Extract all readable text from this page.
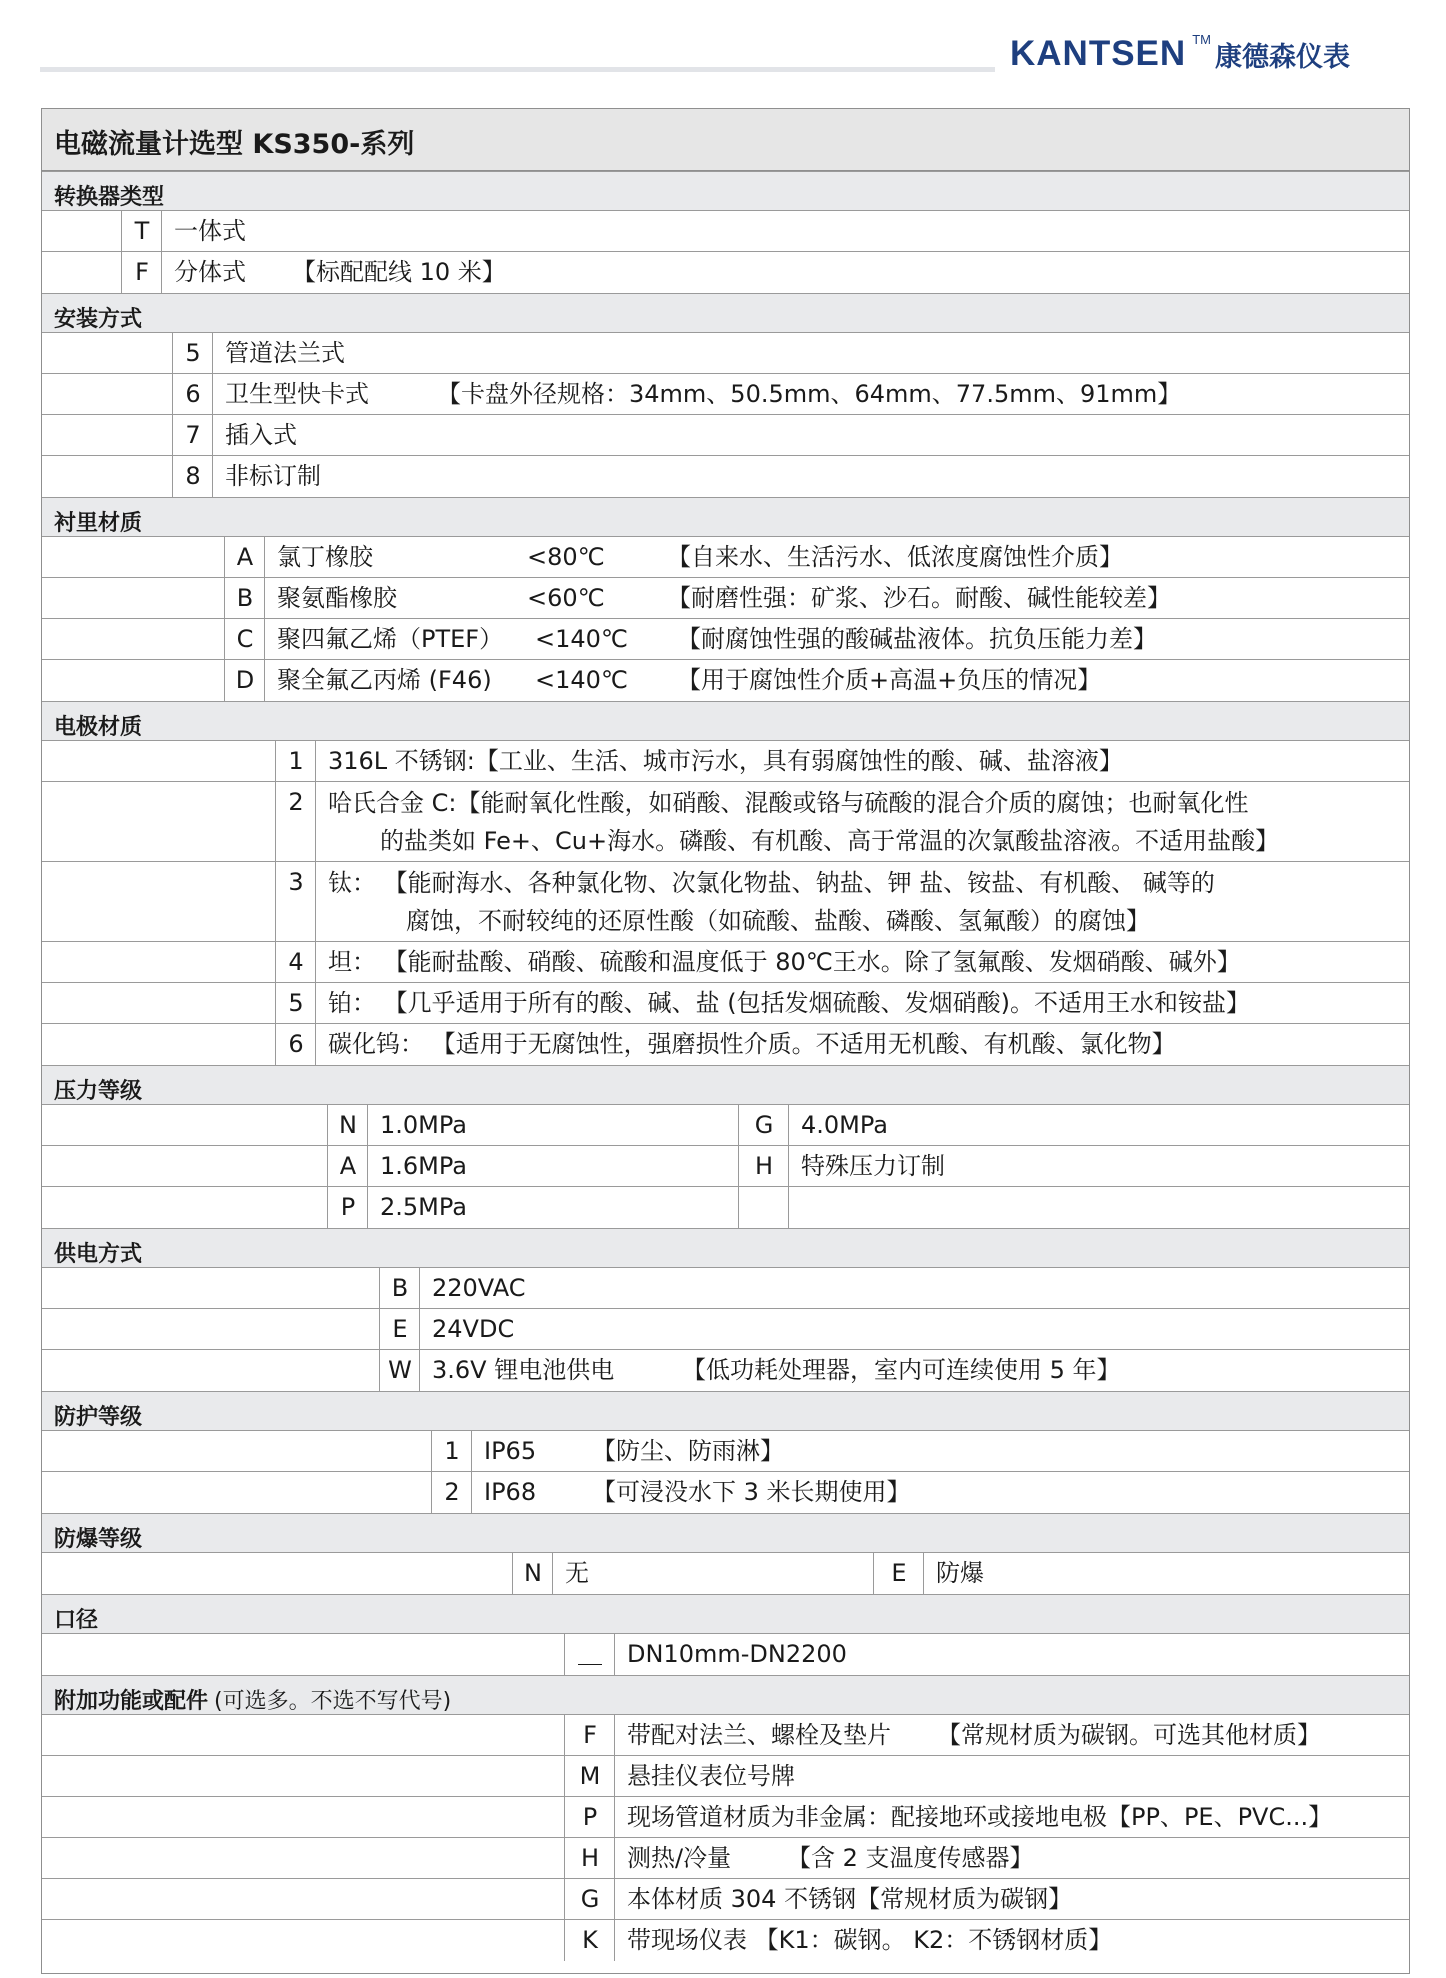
KANTSEN ™康德森仪表
电磁流量计选型 KS350-系列
转换器类型
T	一体式
F	分体式 【标配配线 10 米】
安装方式
5	管道法兰式
6	卫生型快卡式	【卡盘外径规格：34mm、50.5mm、64mm、77.5mm、91mm】
7	插入式
8	非标订制
衬里材质
A 氯丁橡胶	<80℃	【自来水、生活污水、低浓度腐蚀性介质】
B 聚氨酯橡胶	<60℃	【耐磨性强：矿浆、沙石。耐酸、碱性能较差】
C 聚四氟乙烯（PTEF） <140℃ 【耐腐蚀性强的酸碱盐液体。抗负压能力差】
D 聚全氟乙丙烯 (F46) <140℃ 【用于腐蚀性介质+高温+负压的情况】
电极材质
1	316L 不锈钢:【工业、生活、城市污水，具有弱腐蚀性的酸、碱、盐溶液】
2	哈氏合金 C:【能耐氧化性酸，如硝酸、混酸或铬与硫酸的混合介质的腐蚀；也耐氧化性
的盐类如 Fe+、Cu+海水。磷酸、有机酸、高于常温的次氯酸盐溶液。不适用盐酸】
3	钛： 【能耐海水、各种氯化物、次氯化物盐、钠盐、钾 盐、铵盐、有机酸、 碱等的
腐蚀，不耐较纯的还原性酸（如硫酸、盐酸、磷酸、氢氟酸）的腐蚀】
4	坦： 【能耐盐酸、硝酸、硫酸和温度低于 80℃王水。除了氢氟酸、发烟硝酸、碱外】
5	铂： 【几乎适用于所有的酸、碱、盐 (包括发烟硫酸、发烟硝酸)。不适用王水和铵盐】
6	碳化钨： 【适用于无腐蚀性，强磨损性介质。不适用无机酸、有机酸、氯化物】
压力等级
N 1.0MPa	G	4.0MPa
A 1.6MPa	H	特殊压力订制
P	2.5MPa
供电方式
B 220VAC
E	24VDC
W 3.6V 锂电池供电	【低功耗处理器，室内可连续使用 5 年】
防护等级
1	IP65 【防尘、防雨淋】
2	IP68 【可浸没水下 3 米长期使用】
防爆等级
N 无	E	防爆
口径
＿	DN10mm-DN2200
附加功能或配件 (可选多。不选不写代号)
F	带配对法兰、螺栓及垫片 【常规材质为碳钢。可选其他材质】
M	悬挂仪表位号牌
P	现场管道材质为非金属：配接地环或接地电极【PP、PE、PVC...】
H	测热/冷量 【含 2 支温度传感器】
G	本体材质 304 不锈钢【常规材质为碳钢】
K	带现场仪表 【K1：碳钢。 K2：不锈钢材质】
